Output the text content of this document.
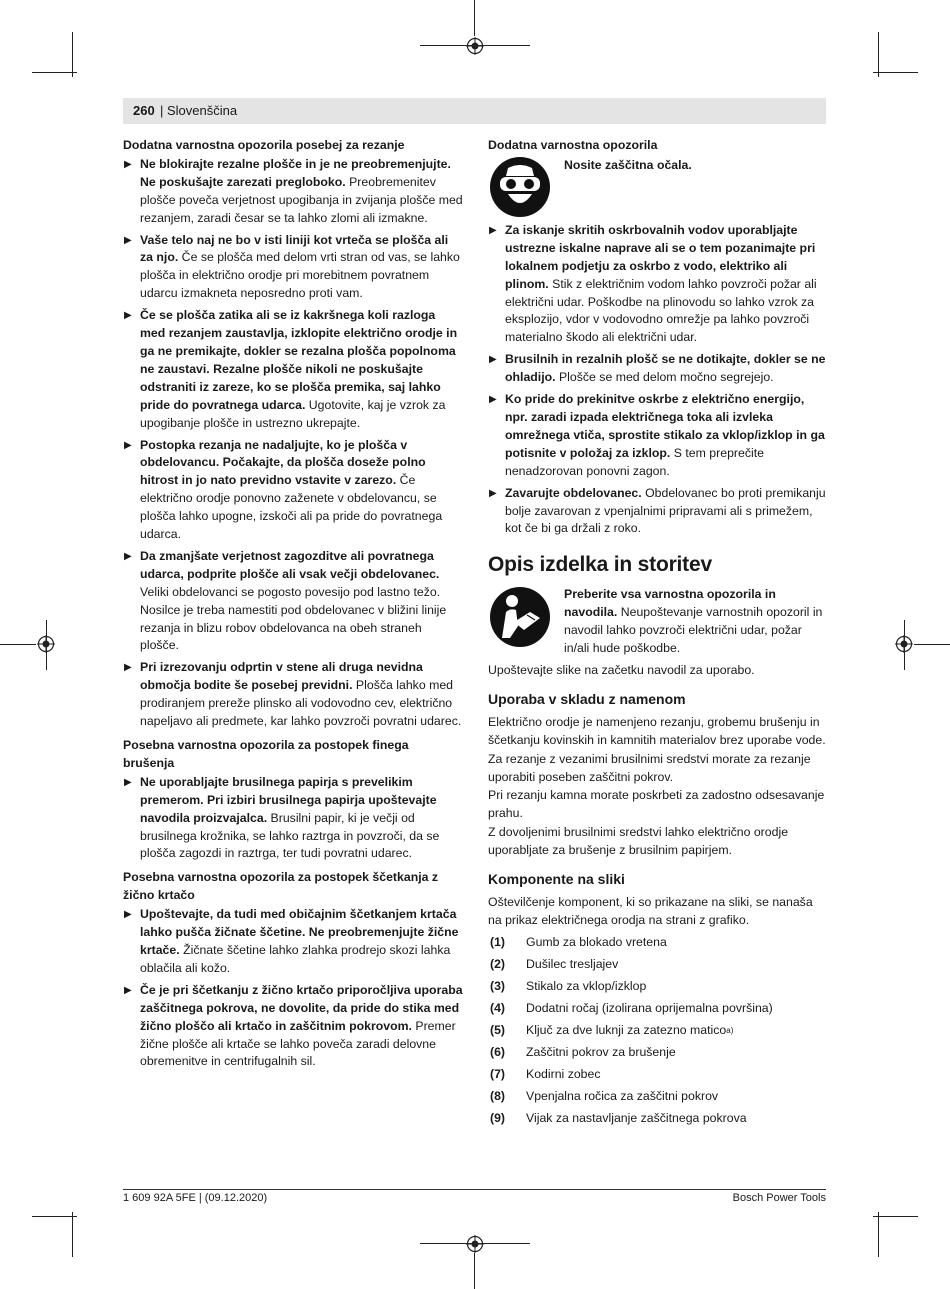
260 | Slovenščina
Dodatna varnostna opozorila posebej za rezanje
▶ Ne blokirajte rezalne plošče in je ne preobremenjujte. Ne poskušajte zarezati pregloboko. Preobremenitev plošče poveča verjetnost upogibanja in zvijanja plošče med rezanjem, zaradi česar se ta lahko zlomi ali izmakne.
▶ Vaše telo naj ne bo v isti liniji kot vrteča se plošča ali za njo. Če se plošča med delom vrti stran od vas, se lahko plošča in električno orodje pri morebitnem povratnem udarcu izmakneta neposredno proti vam.
▶ Če se plošča zatika ali se iz kakršnega koli razloga med rezanjem zaustavlja, izklopite električno orodje in ga ne premikajte, dokler se rezalna plošča popolnoma ne zaustavi. Rezalne plošče nikoli ne poskušajte odstraniti iz zareze, ko se plošča premika, saj lahko pride do povratnega udarca. Ugotovite, kaj je vzrok za upogibanje plošče in ustrezno ukrepajte.
▶ Postopka rezanja ne nadaljujte, ko je plošča v obdelovancu. Počakajte, da plošča doseže polno hitrost in jo nato previdno vstavite v zarezo. Če električno orodje ponovno zaženete v obdelovancu, se plošča lahko upogne, izskoči ali pa pride do povratnega udarca.
▶ Da zmanjšate verjetnost zagozditve ali povratnega udarca, podprite plošče ali vsak večji obdelovanec. Veliki obdelovanci se pogosto povesijo pod lastno težo. Nosilce je treba namestiti pod obdelovanec v bližini linije rezanja in blizu robov obdelovanca na obeh straneh plošče.
▶ Pri izrezovanju odprtin v stene ali druga nevidna območja bodite še posebej previdni. Plošča lahko med prodiranjem prereže plinsko ali vodovodno cev, električno napeljavo ali predmete, kar lahko povzroči povratni udarec.
Posebna varnostna opozorila za postopek finega brušenja
▶ Ne uporabljajte brusilnega papirja s prevelikim premerom. Pri izbiri brusilnega papirja upoštevajte navodila proizvajalca. Brusilni papir, ki je večji od brusilnega krožnika, se lahko raztrga in povzroči, da se plošča zagozdi in raztrga, ter tudi povratni udarec.
Posebna varnostna opozorila za postopek ščetkanja z žično krtačo
▶ Upoštevajte, da tudi med običajnim ščetkanjem krtača lahko pušča žičnate ščetine. Ne preobremenjujte žične krtače. Žičnate ščetine lahko zlahka prodrejo skozi lahka oblačila ali kožo.
▶ Če je pri ščetkanju z žično krtačo priporočljiva uporaba zaščitnega pokrova, ne dovolite, da pride do stika med žično ploščo ali krtačo in zaščitnim pokrovom. Premer žične plošče ali krtače se lahko poveča zaradi delovne obremenitve in centrifugalnih sil.
Dodatna varnostna opozorila
Nosite zaščitna očala.
▶ Za iskanje skritih oskrbovalnih vodov uporabljajte ustrezne iskalne naprave ali se o tem pozanimajte pri lokalnem podjetju za oskrbo z vodo, elektriko ali plinom. Stik z električnim vodom lahko povzroči požar ali električni udar. Poškodbe na plinovodu so lahko vzrok za eksplozijo, vdor v vodovodno omrežje pa lahko povzroči materialno škodo ali električni udar.
▶ Brusilnih in rezalnih plošč se ne dotikajte, dokler se ne ohladijo. Plošče se med delom močno segrejejo.
▶ Ko pride do prekinitve oskrbe z električno energijo, npr. zaradi izpada električnega toka ali izvleka omrežnega vtiča, sprostite stikalo za vklop/izklop in ga potisnite v položaj za izklop. S tem preprečite nenadzorovan ponovni zagon.
▶ Zavarujte obdelovanec. Obdelovanec bo proti premikanju bolje zavarovan z vpenjalnimi pripravami ali s primežem, kot če bi ga držali z roko.
Opis izdelka in storitev
Preberite vsa varnostna opozorila in navodila. Neupoštevanje varnostnih opozoril in navodil lahko povzroči električni udar, požar in/ali hude poškodbe.
Upoštevajte slike na začetku navodil za uporabo.
Uporaba v skladu z namenom
Električno orodje je namenjeno rezanju, grobemu brušenju in ščetkanju kovinskih in kamnitih materialov brez uporabe vode.
Za rezanje z vezanimi brusilnimi sredstvi morate za rezanje uporabiti poseben zaščitni pokrov.
Pri rezanju kamna morate poskrbeti za zadostno odsesavanje prahu.
Z dovoljenimi brusilnimi sredstvi lahko električno orodje uporabljate za brušenje z brusilnim papirjem.
Komponente na sliki
Oštevilčenje komponent, ki so prikazane na sliki, se nanaša na prikaz električnega orodja na strani z grafiko.
(1)	Gumb za blokado vretena
(2)	Dušilec tresljajev
(3)	Stikalo za vklop/izklop
(4)	Dodatni ročaj (izolirana oprijemalna površina)
(5)	Ključ za dve luknji za zatezno matico a)
(6)	Zaščitni pokrov za brušenje
(7)	Kodirni zobec
(8)	Vpenjalna ročica za zaščitni pokrov
(9)	Vijak za nastavljanje zaščitnega pokrova
1 609 92A 5FE | (09.12.2020)	Bosch Power Tools
